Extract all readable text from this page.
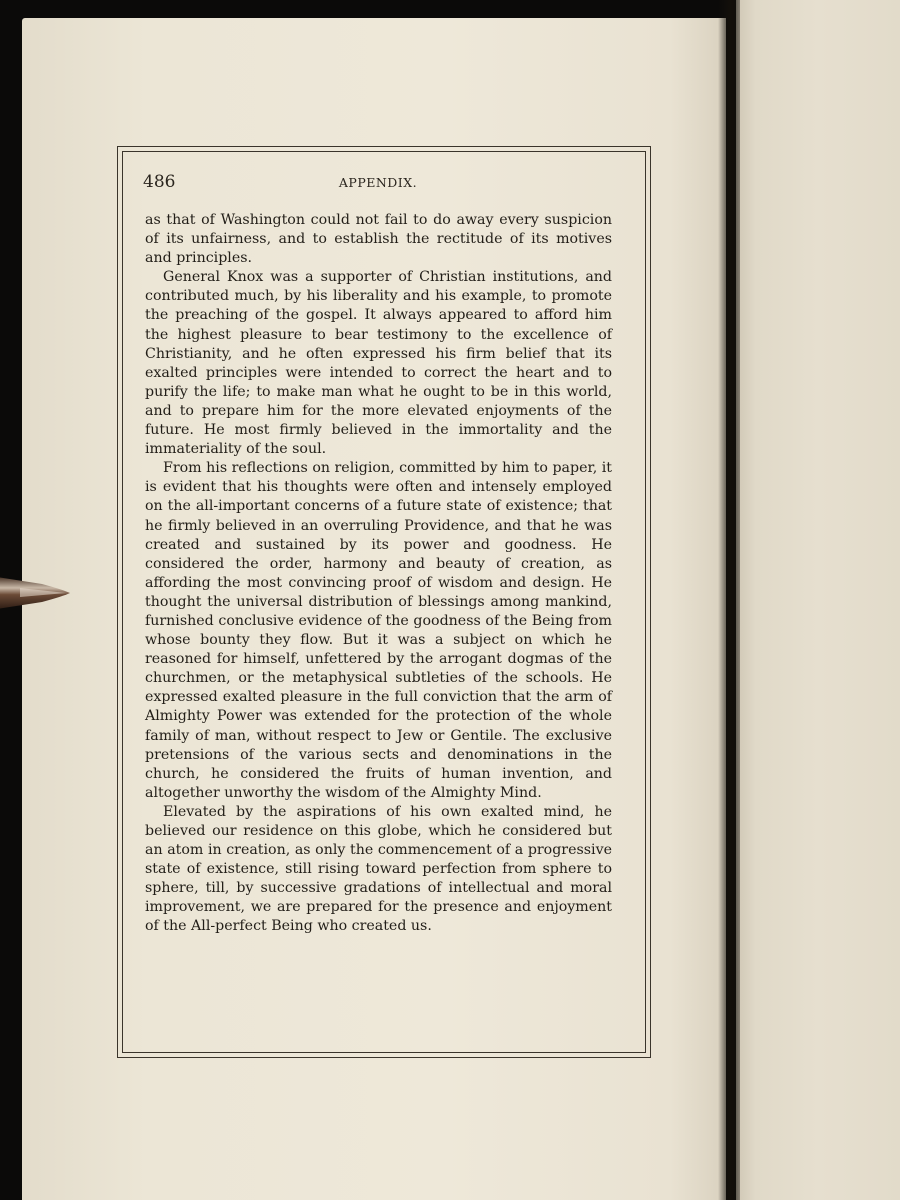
486	APPENDIX.

as that of Washington could not fail to do away every suspicion of its unfairness, and to establish the rectitude of its motives and principles.

General Knox was a supporter of Christian institutions, and contributed much, by his liberality and his example, to promote the preaching of the gospel. It always appeared to afford him the highest pleasure to bear testimony to the excellence of Christianity, and he often expressed his firm belief that its exalted principles were intended to correct the heart and to purify the life; to make man what he ought to be in this world, and to prepare him for the more elevated enjoyments of the future. He most firmly believed in the immortality and the immateriality of the soul.

From his reflections on religion, committed by him to paper, it is evident that his thoughts were often and intensely employed on the all-important concerns of a future state of existence; that he firmly believed in an overruling Providence, and that he was created and sustained by its power and goodness. He considered the order, harmony and beauty of creation, as affording the most convincing proof of wisdom and design. He thought the universal distribution of blessings among mankind, furnished conclusive evidence of the goodness of the Being from whose bounty they flow. But it was a subject on which he reasoned for himself, unfettered by the arrogant dogmas of the churchmen, or the metaphysical subtleties of the schools. He expressed exalted pleasure in the full conviction that the arm of Almighty Power was extended for the protection of the whole family of man, without respect to Jew or Gentile. The exclusive pretensions of the various sects and denominations in the church, he considered the fruits of human invention, and altogether unworthy the wisdom of the Almighty Mind.

Elevated by the aspirations of his own exalted mind, he believed our residence on this globe, which he considered but an atom in creation, as only the commencement of a progressive state of existence, still rising toward perfection from sphere to sphere, till, by successive gradations of intellectual and moral improvement, we are prepared for the presence and enjoyment of the All-perfect Being who created us.
